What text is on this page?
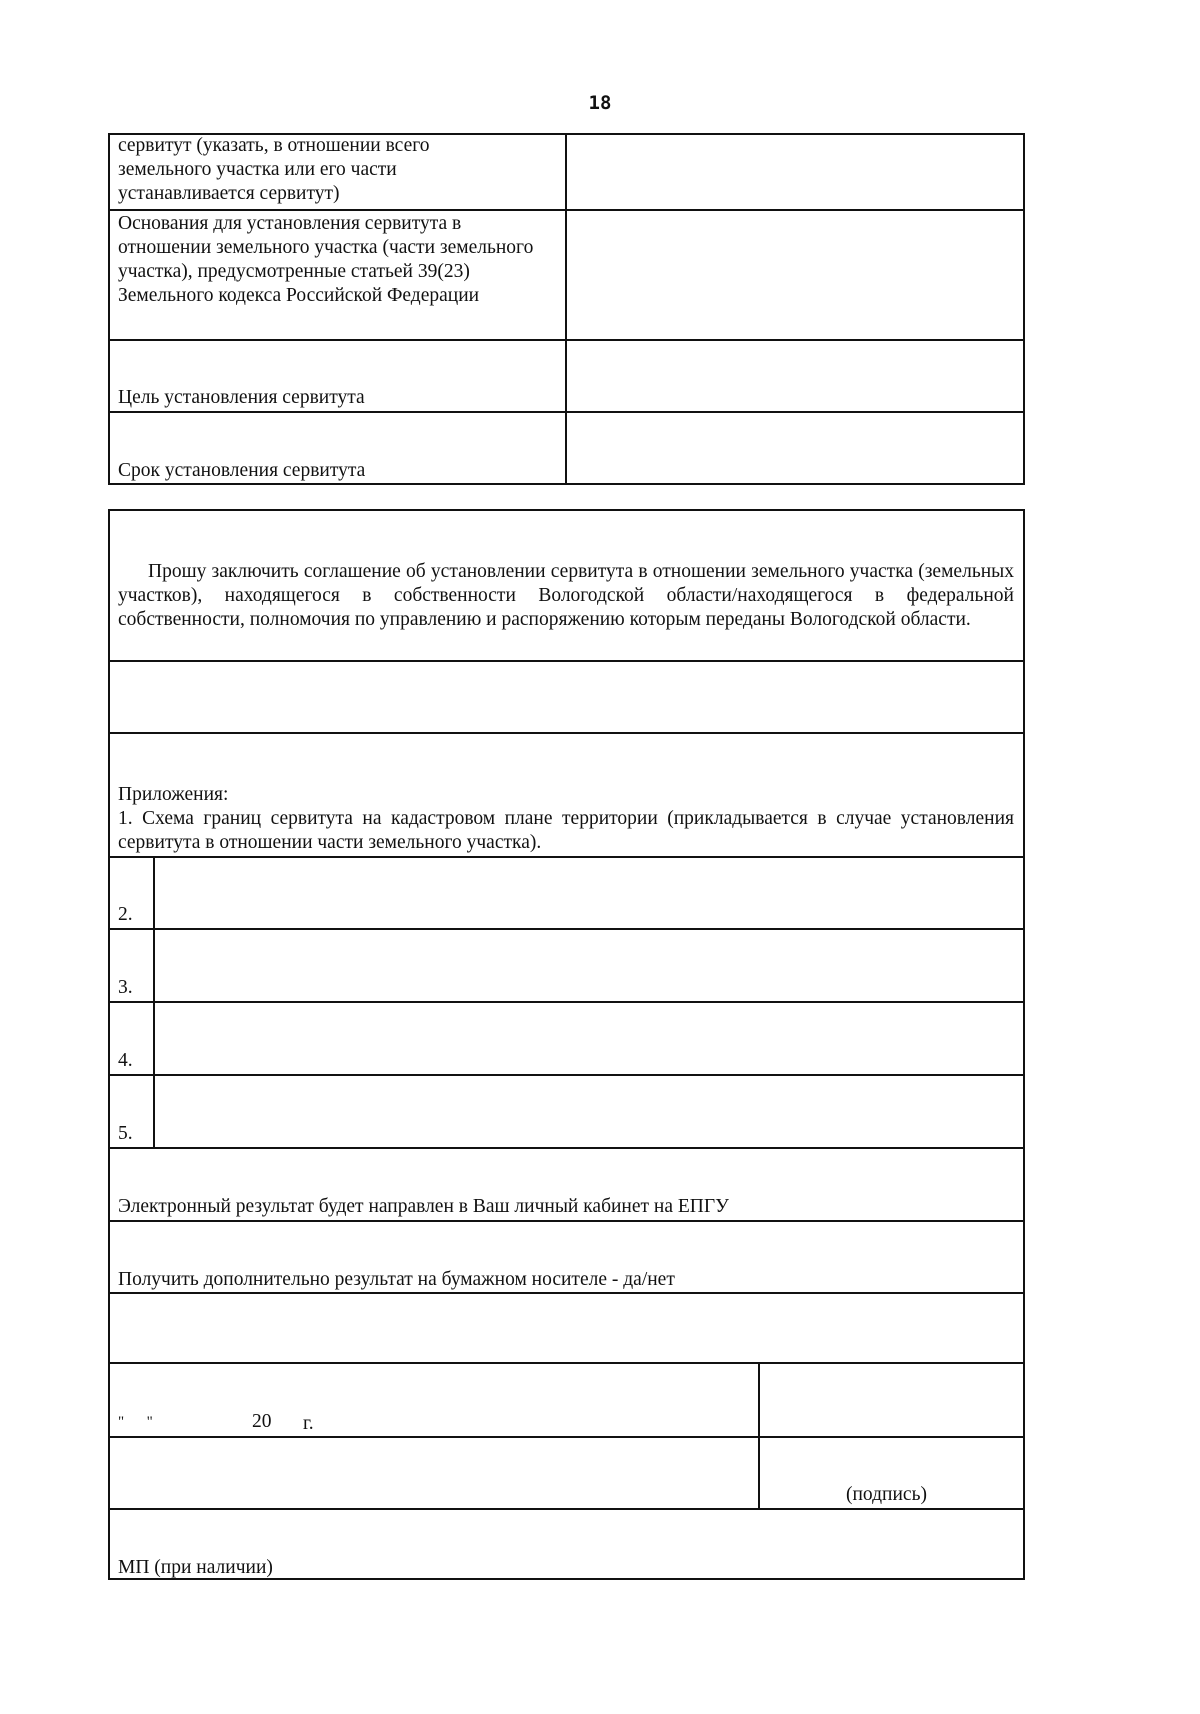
18
сервитут (указать, в отношении всего земельного участка или его части устанавливается сервитут)
Основания для установления сервитута в отношении земельного участка (части земельного участка), предусмотренные статьей 39(23) Земельного кодекса Российской Федерации
Цель установления сервитута
Срок установления сервитута
Прошу заключить соглашение об установлении сервитута в отношении земельного участка (земельных участков), находящегося в собственности Вологодской области/находящегося в федеральной собственности, полномочия по управлению и распоряжению которым переданы Вологодской области.
Приложения:
1. Схема границ сервитута на кадастровом плане территории (прикладывается в случае установления сервитута в отношении части земельного участка).
2.
3.
4.
5.
Электронный результат будет направлен в Ваш личный кабинет на ЕПГУ
Получить дополнительно результат на бумажном носителе - да/нет
"      "	20 г.
(подпись)
МП (при наличии)
